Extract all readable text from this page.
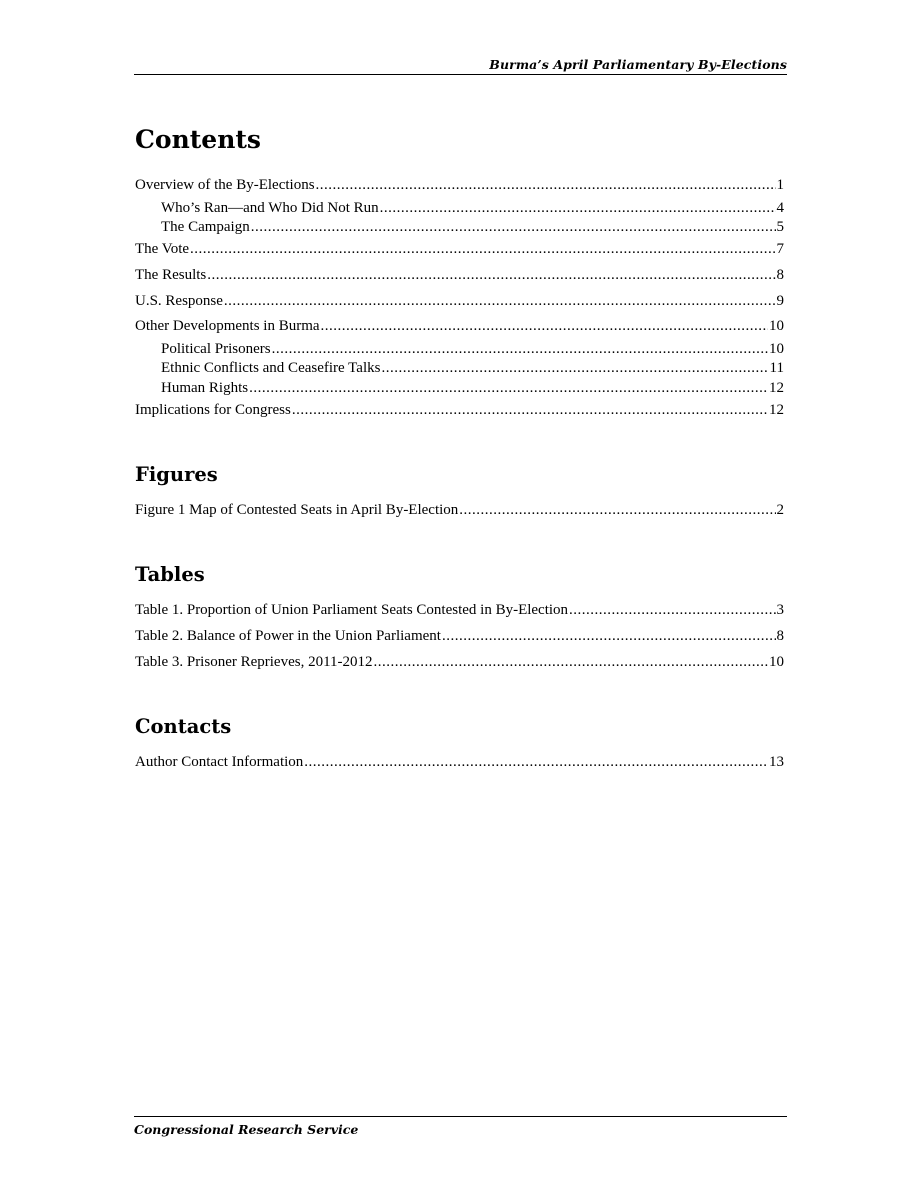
Burma’s April Parliamentary By-Elections
Contents
Overview of the By-Elections .....	1
Who’s Ran—and Who Did Not Run .....	4
The Campaign .....	5
The Vote .....	7
The Results .....	8
U.S. Response .....	9
Other Developments in Burma .....	10
Political Prisoners .....	10
Ethnic Conflicts and Ceasefire Talks .....	11
Human Rights .....	12
Implications for Congress .....	12
Figures
Figure 1 Map of Contested Seats in April By-Election .....	2
Tables
Table 1. Proportion of Union Parliament Seats Contested in By-Election .....	3
Table 2. Balance of Power in the Union Parliament .....	8
Table 3. Prisoner Reprieves, 2011-2012 .....	10
Contacts
Author Contact Information .....	13
Congressional Research Service
